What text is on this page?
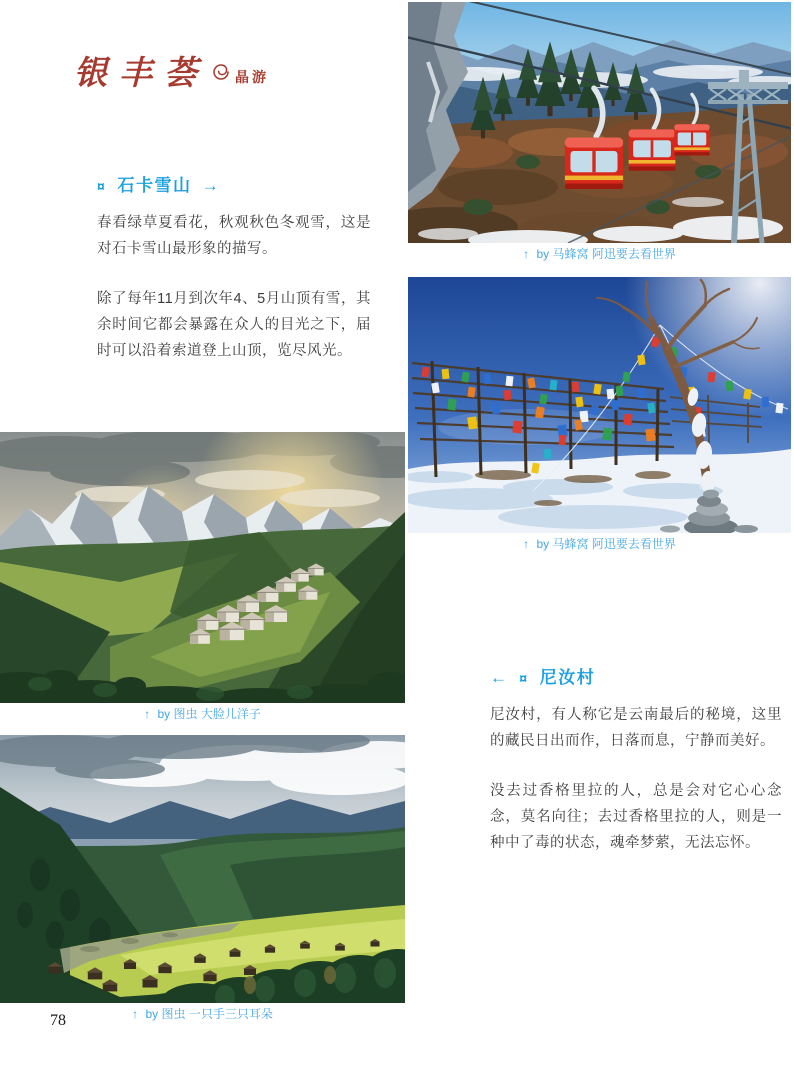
银丰荟 晶游
¤ 石卡雪山 →

春看绿草夏看花，秋观秋色冬观雪，这是对石卡雪山最形象的描写。

除了每年11月到次年4、5月山顶有雪，其余时间它都会暴露在众人的目光之下，届时可以沿着索道登上山顶，览尽风光。

↑ by 马蜂窝 阿迅要去看世界
↑ by 马蜂窝 阿迅要去看世界
↑ by 图虫 大脸儿洋子
← ¤ 尼汝村

尼汝村，有人称它是云南最后的秘境，这里的藏民日出而作，日落而息，宁静而美好。

没去过香格里拉的人，总是会对它心心念念，莫名向往；去过香格里拉的人，则是一种中了毒的状态，魂牵梦萦，无法忘怀。

↑ by 图虫 一只手三只耳朵
78
